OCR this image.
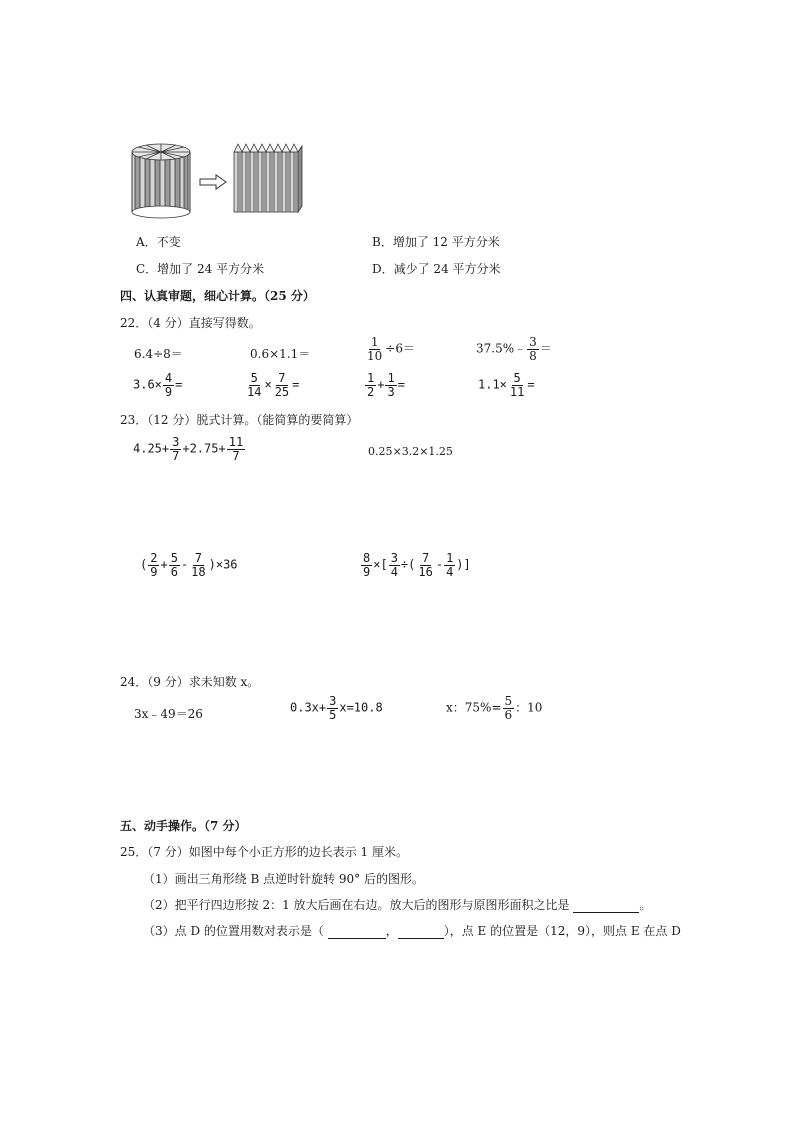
A．不变	B．增加了 12 平方分米
C．增加了 24 平方分米	D．减少了 24 平方分米
四、认真审题，细心计算。（25 分）
22．（4 分）直接写得数。
6.4÷8＝	0.6×1.1＝	$\frac{1}{10} \div 6=$	37.5%﹣ $\frac{3}{8}$ ＝
$3.6\times \frac{4}{9}$ =	$\frac{5}{14} \times \frac{7}{25}$ =	$\frac{1}{2} + \frac{1}{3}$ =	$1.1\times \frac{5}{11}$ =
23．（12 分）脱式计算。（能简算的要简算）
$4.25+ \frac{3}{7} +2.75+ \frac{11}{7}$	0.25×3.2×1.25
( $\frac{2}{9} + \frac{5}{6} - \frac{7}{18} )\times 36$	$\frac{8}{9}$ ×[ $\frac{3}{4}$ ÷( $\frac{7}{16} - \frac{1}{4}$ )]
24．（9 分）求未知数 x。
3x﹣49＝26	$0.3x+ \frac{3}{5} x=10.8$	x：$75\%= \frac{5}{6}$ ：10
五、动手操作。（7 分）
25．（7 分）如图中每个小正方形的边长表示 1 厘米。
（1）画出三角形绕 B 点逆时针旋转 90° 后的图形。
（2）把平行四边形按 2：1 放大后画在右边。放大后的图形与原图形面积之比是	。
（3）点 D 的位置用数对表示是（	，	），点 E 的位置是（12，9），则点 E 在点 D
